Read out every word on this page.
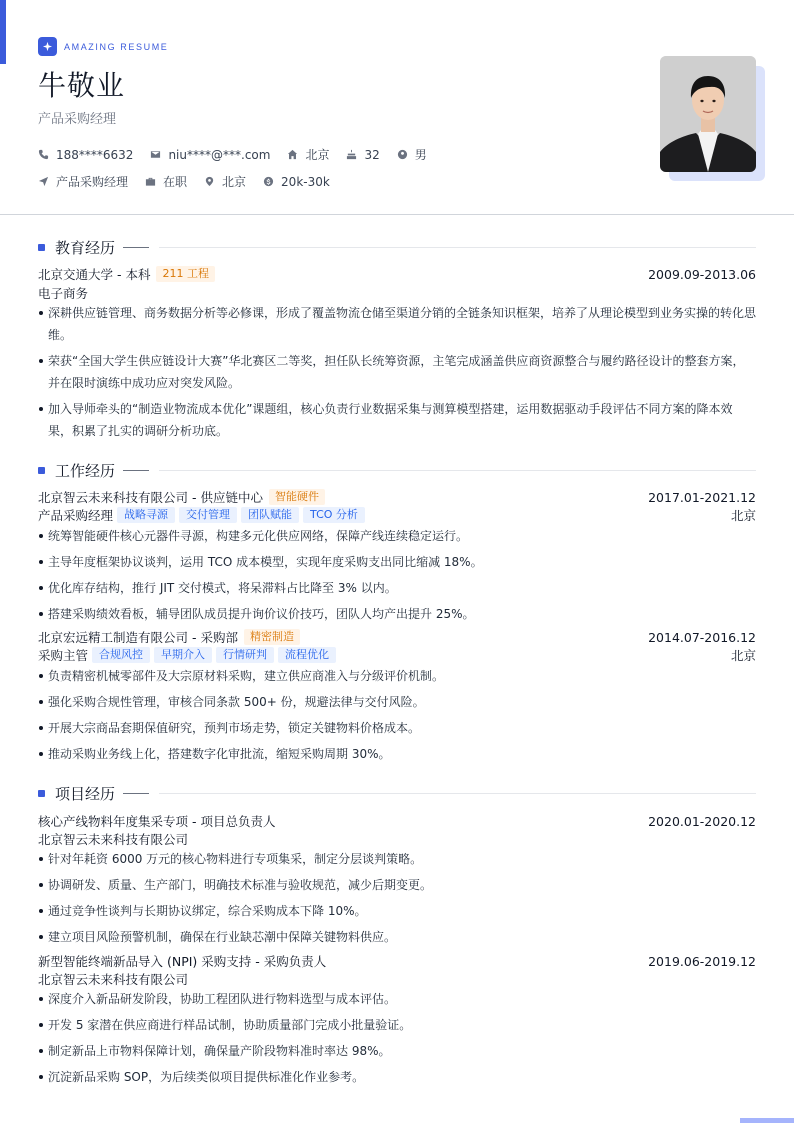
AMAZING RESUME
牛敬业
产品采购经理
188****6632	niu****@***.com	北京	32	男
产品采购经理	在职	北京	20k-30k
教育经历
北京交通大学 - 本科	211 工程	2009.09-2013.06
电子商务
深耕供应链管理、商务数据分析等必修课，形成了覆盖物流仓储至渠道分销的全链条知识框架，培养了从理论模型到业务实操的转化思维。
荣获“全国大学生供应链设计大赛”华北赛区二等奖，担任队长统筹资源，主笔完成涵盖供应商资源整合与履约路径设计的整套方案，并在限时演练中成功应对突发风险。
加入导师牵头的“制造业物流成本优化”课题组，核心负责行业数据采集与测算模型搭建，运用数据驱动手段评估不同方案的降本效果，积累了扎实的调研分析功底。
工作经历
北京智云未来科技有限公司 - 供应链中心	智能硬件	2017.01-2021.12
产品采购经理	战略寻源	交付管理	团队赋能	TCO 分析	北京
统筹智能硬件核心元器件寻源，构建多元化供应网络，保障产线连续稳定运行。
主导年度框架协议谈判，运用 TCO 成本模型，实现年度采购支出同比缩减 18%。
优化库存结构，推行 JIT 交付模式，将呆滞料占比降至 3% 以内。
搭建采购绩效看板，辅导团队成员提升询价议价技巧，团队人均产出提升 25%。
北京宏远精工制造有限公司 - 采购部	精密制造	2014.07-2016.12
采购主管	合规风控	早期介入	行情研判	流程优化	北京
负责精密机械零部件及大宗原材料采购，建立供应商准入与分级评价机制。
强化采购合规性管理，审核合同条款 500+ 份，规避法律与交付风险。
开展大宗商品套期保值研究，预判市场走势，锁定关键物料价格成本。
推动采购业务线上化，搭建数字化审批流，缩短采购周期 30%。
项目经历
核心产线物料年度集采专项 - 项目总负责人	2020.01-2020.12
北京智云未来科技有限公司
针对年耗资 6000 万元的核心物料进行专项集采，制定分层谈判策略。
协调研发、质量、生产部门，明确技术标准与验收规范，减少后期变更。
通过竞争性谈判与长期协议绑定，综合采购成本下降 10%。
建立项目风险预警机制，确保在行业缺芯潮中保障关键物料供应。
新型智能终端新品导入 (NPI) 采购支持 - 采购负责人	2019.06-2019.12
北京智云未来科技有限公司
深度介入新品研发阶段，协助工程团队进行物料选型与成本评估。
开发 5 家潜在供应商进行样品试制，协助质量部门完成小批量验证。
制定新品上市物料保障计划，确保量产阶段物料准时率达 98%。
沉淀新品采购 SOP，为后续类似项目提供标准化作业参考。
